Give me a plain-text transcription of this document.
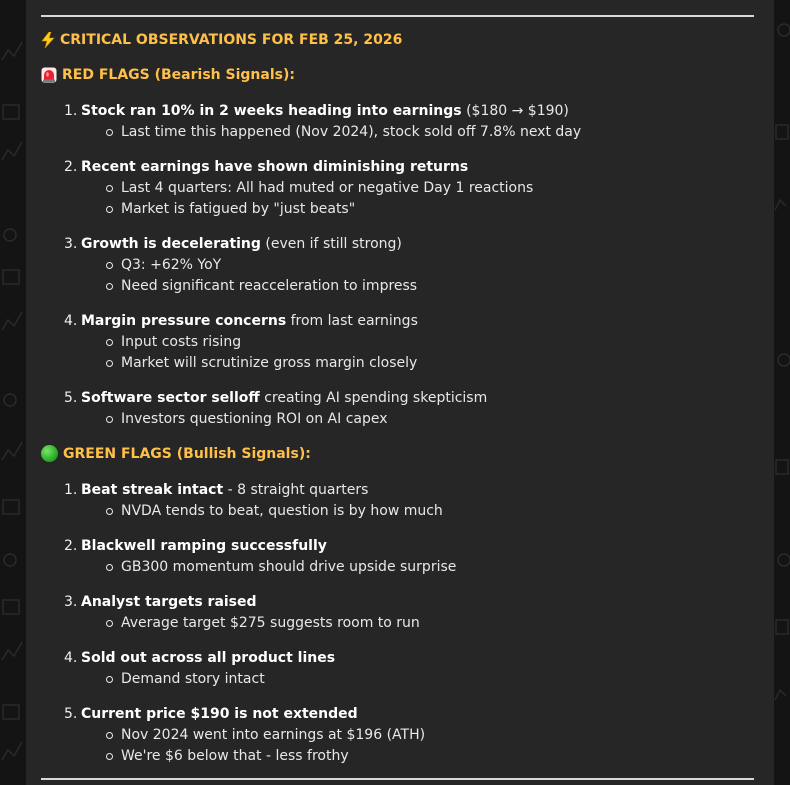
CRITICAL OBSERVATIONS FOR FEB 25, 2026
RED FLAGS (Bearish Signals):
1. Stock ran 10% in 2 weeks heading into earnings ($180 → $190)
Last time this happened (Nov 2024), stock sold off 7.8% next day
2. Recent earnings have shown diminishing returns
Last 4 quarters: All had muted or negative Day 1 reactions
Market is fatigued by "just beats"
3. Growth is decelerating (even if still strong)
Q3: +62% YoY
Need significant reacceleration to impress
4. Margin pressure concerns from last earnings
Input costs rising
Market will scrutinize gross margin closely
5. Software sector selloff creating AI spending skepticism
Investors questioning ROI on AI capex
GREEN FLAGS (Bullish Signals):
1. Beat streak intact - 8 straight quarters
NVDA tends to beat, question is by how much
2. Blackwell ramping successfully
GB300 momentum should drive upside surprise
3. Analyst targets raised
Average target $275 suggests room to run
4. Sold out across all product lines
Demand story intact
5. Current price $190 is not extended
Nov 2024 went into earnings at $196 (ATH)
We're $6 below that - less frothy
